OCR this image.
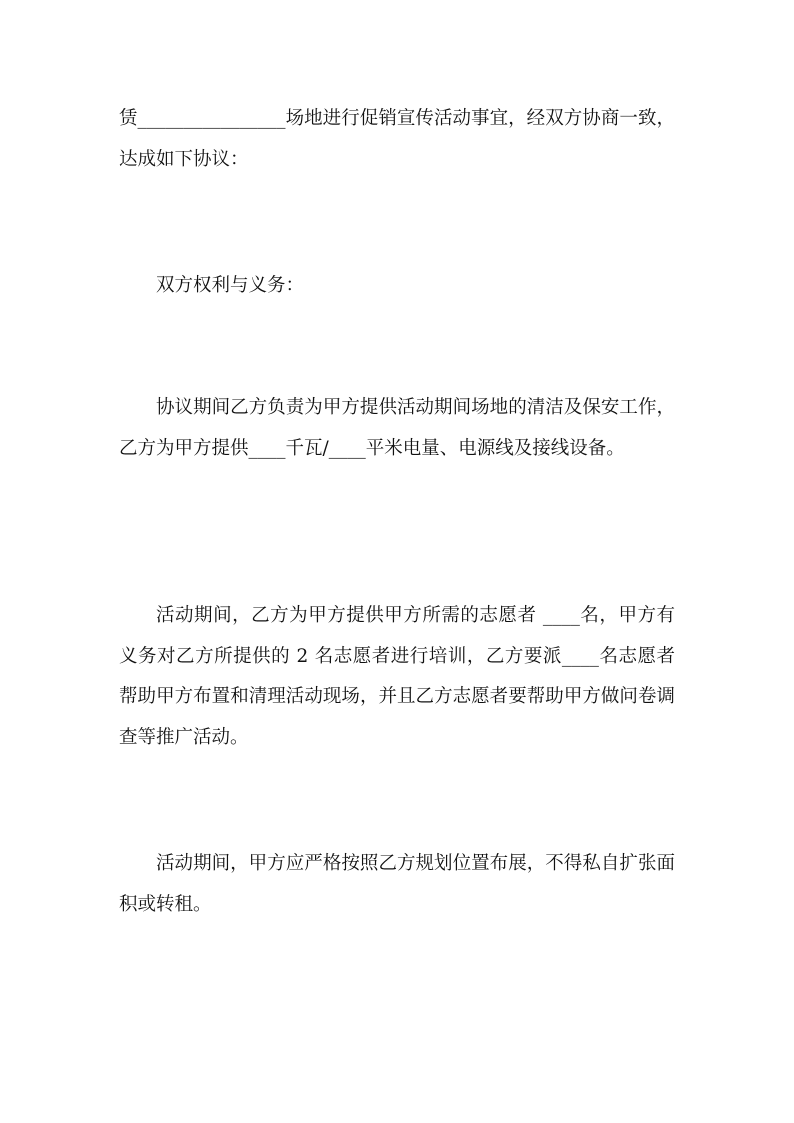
赁________________场地进行促销宣传活动事宜，经双方协商一致，达成如下协议：

双方权利与义务：

协议期间乙方负责为甲方提供活动期间场地的清洁及保安工作，乙方为甲方提供____千瓦/____平米电量、电源线及接线设备。

活动期间，乙方为甲方提供甲方所需的志愿者 ____名，甲方有义务对乙方所提供的 2 名志愿者进行培训，乙方要派____名志愿者帮助甲方布置和清理活动现场，并且乙方志愿者要帮助甲方做问卷调查等推广活动。

活动期间，甲方应严格按照乙方规划位置布展，不得私自扩张面积或转租。
